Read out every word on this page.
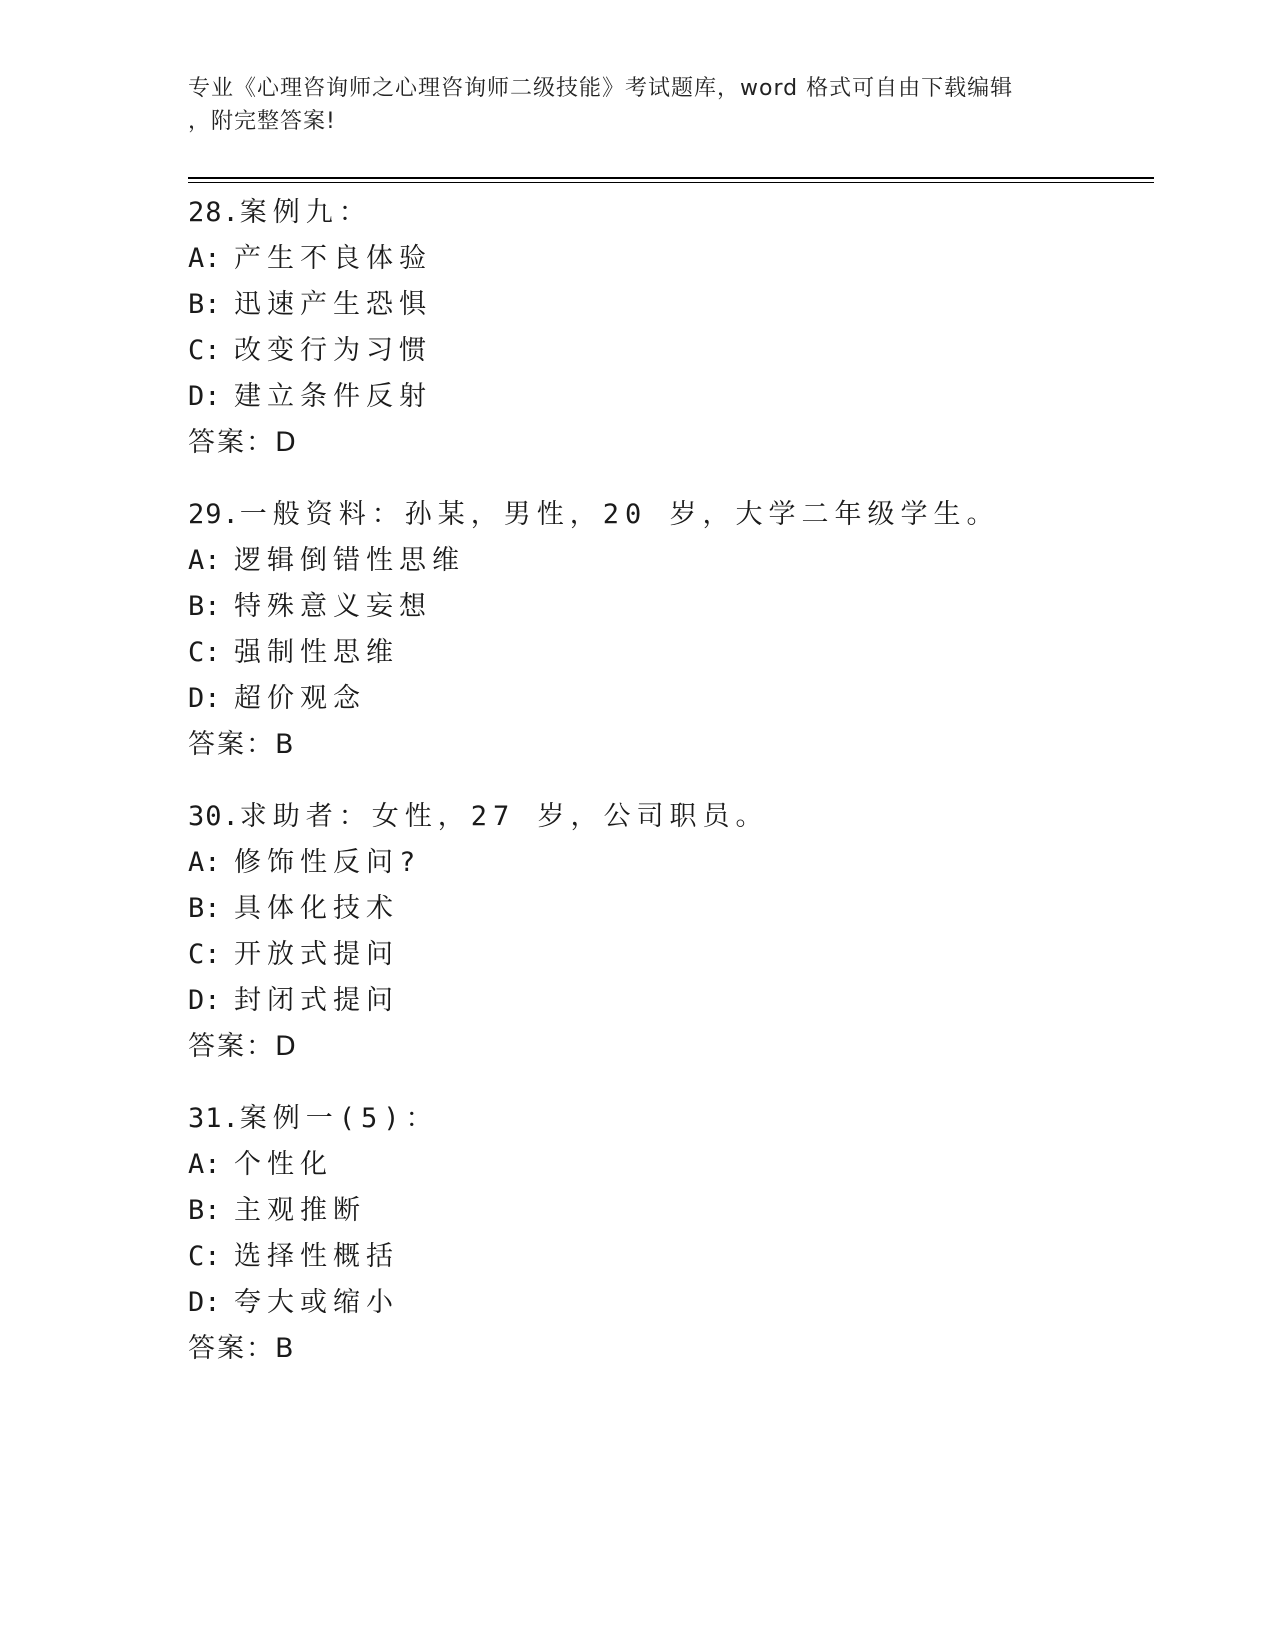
专业《心理咨询师之心理咨询师二级技能》考试题库，word 格式可自由下载编辑
，附完整答案!
28.案例九：
A: 产生不良体验
B: 迅速产生恐惧
C: 改变行为习惯
D: 建立条件反射
答案：D
29.一般资料：孙某，男性，20 岁，大学二年级学生。
A: 逻辑倒错性思维
B: 特殊意义妄想
C: 强制性思维
D: 超价观念
答案：B
30.求助者：女性，27 岁，公司职员。
A: 修饰性反问?
B: 具体化技术
C: 开放式提问
D: 封闭式提问
答案：D
31.案例一(5)：
A: 个性化
B: 主观推断
C: 选择性概括
D: 夸大或缩小
答案：B
